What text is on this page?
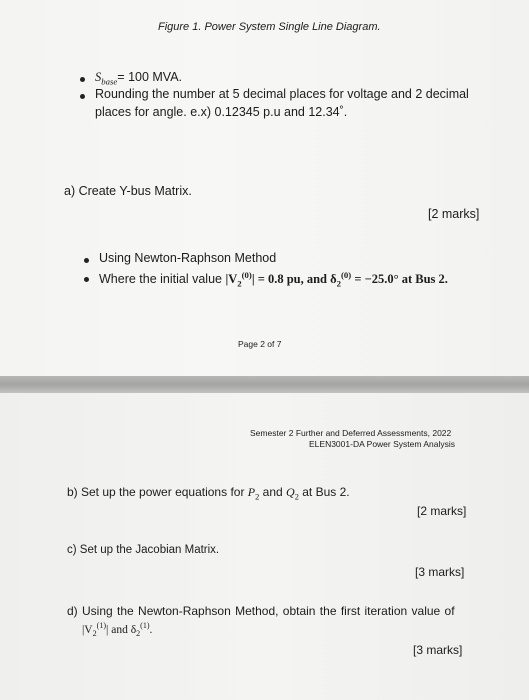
Figure 1. Power System Single Line Diagram.
$S_{base}= 100$ MVA.
Rounding the number at 5 decimal places for voltage and 2 decimal
places for angle. e.x) 0.12345 p.u and 12.34˚.
a) Create Y-bus Matrix.
[2 marks]
Using Newton-Raphson Method
Where the initial value $|V_2^{(0)}| = 0.8$ pu, and $\delta_2^{(0)} = -25.0^\circ$ at Bus 2.
Page 2 of 7
Semester 2 Further and Deferred Assessments, 2022
ELEN3001-DA Power System Analysis
b) Set up the power equations for $P_2$ and $Q_2$ at Bus 2.
[2 marks]
c) Set up the Jacobian Matrix.
[3 marks]
d) Using the Newton-Raphson Method, obtain the first iteration value of
$|V_2^{(1)}|$ and $\delta_2^{(1)}$.
[3 marks]
